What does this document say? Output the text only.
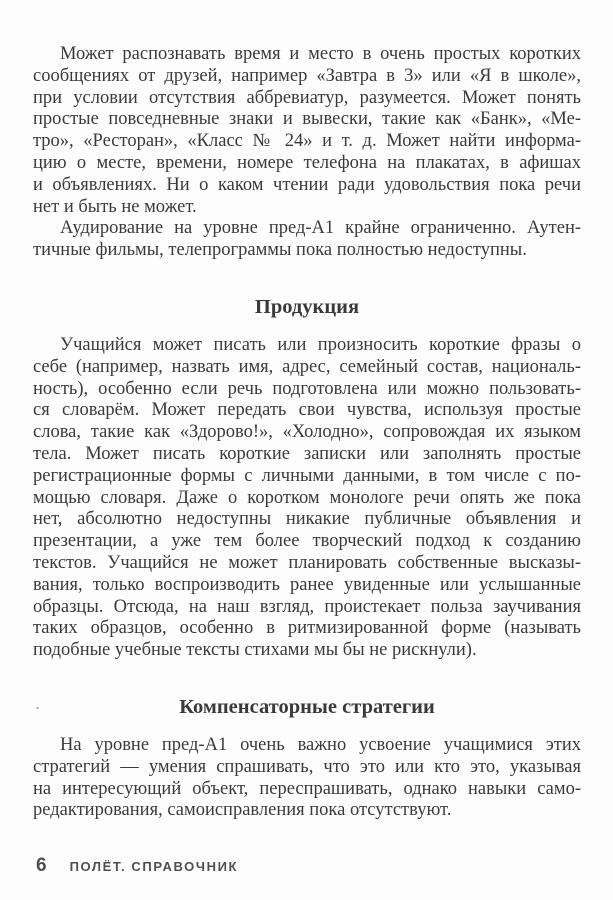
Может распознавать время и место в очень простых коротких
сообщениях от друзей, например «Завтра в 3» или «Я в школе»,
при условии отсутствия аббревиатур, разумеется. Может понять
простые повседневные знаки и вывески, такие как «Банк», «Ме-
тро», «Ресторан», «Класс № 24» и т. д. Может найти информа-
цию о месте, времени, номере телефона на плакатах, в афишах
и объявлениях. Ни о каком чтении ради удовольствия пока речи
нет и быть не может.
Аудирование на уровне пред-А1 крайне ограниченно. Аутен-
тичные фильмы, телепрограммы пока полностью недоступны.
Продукция
Учащийся может писать или произносить короткие фразы о
себе (например, назвать имя, адрес, семейный состав, националь-
ность), особенно если речь подготовлена или можно пользовать-
ся словарём. Может передать свои чувства, используя простые
слова, такие как «Здорово!», «Холодно», сопровождая их языком
тела. Может писать короткие записки или заполнять простые
регистрационные формы с личными данными, в том числе с по-
мощью словаря. Даже о коротком монологе речи опять же пока
нет, абсолютно недоступны никакие публичные объявления и
презентации, а уже тем более творческий подход к созданию
текстов. Учащийся не может планировать собственные высказы-
вания, только воспроизводить ранее увиденные или услышанные
образцы. Отсюда, на наш взгляд, проистекает польза заучивания
таких образцов, особенно в ритмизированной форме (называть
подобные учебные тексты стихами мы бы не рискнули).
Компенсаторные стратегии
На уровне пред-А1 очень важно усвоение учащимися этих
стратегий — умения спрашивать, что это или кто это, указывая
на интересующий объект, переспрашивать, однако навыки само-
редактирования, самоисправления пока отсутствуют.
6 ПОЛЁТ. СПРАВОЧНИК
